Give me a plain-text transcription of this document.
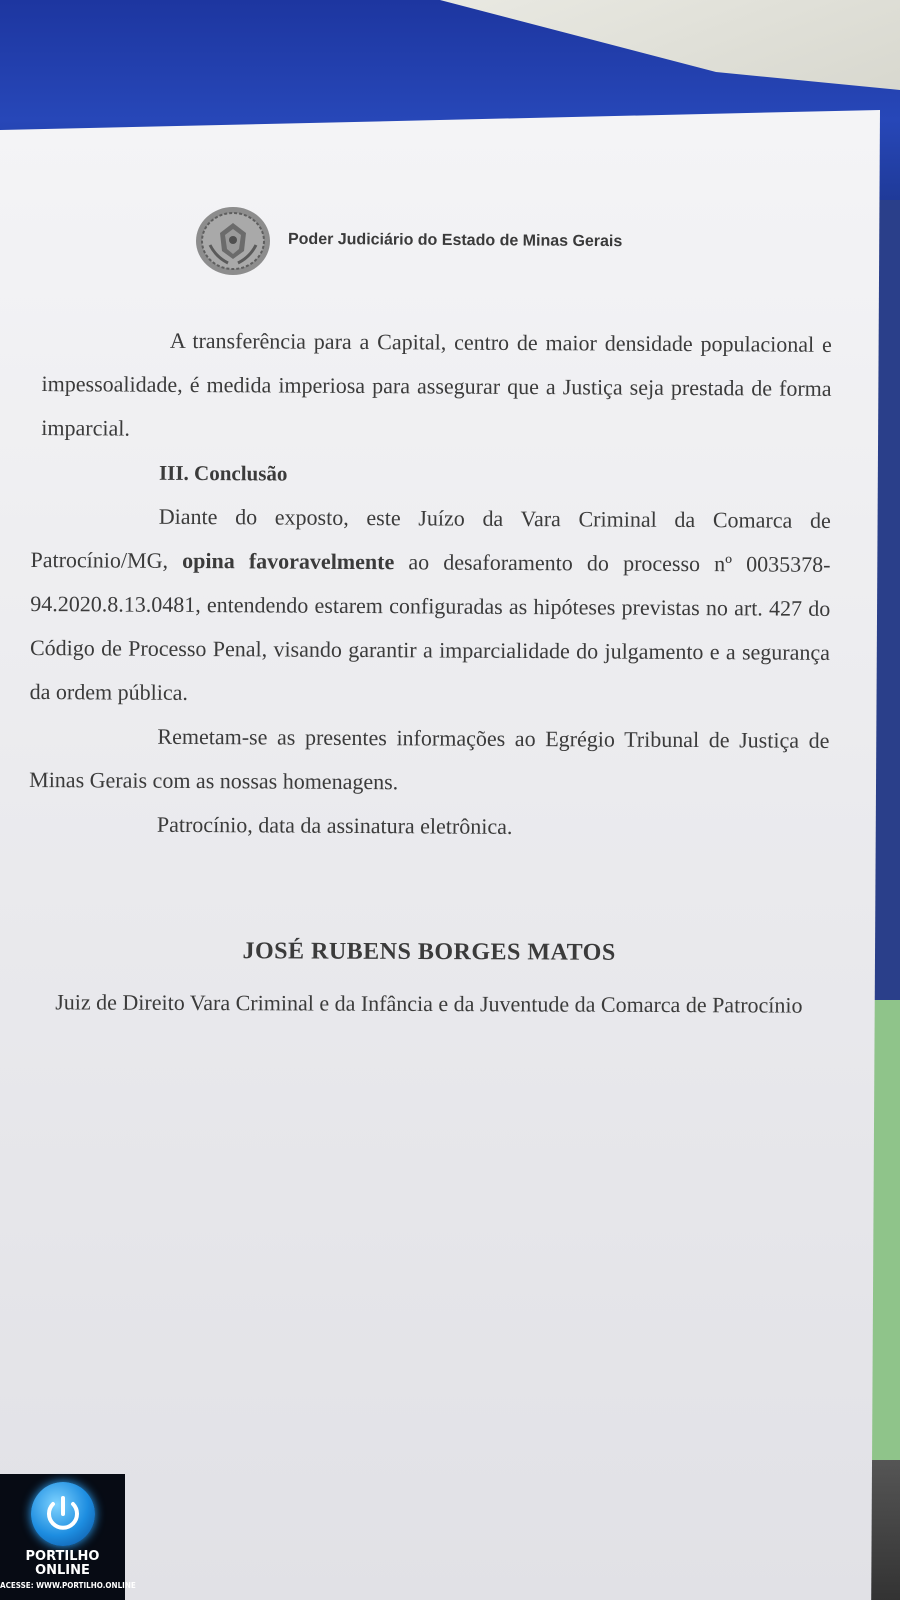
Poder Judiciário do Estado de Minas Gerais

A transferência para a Capital, centro de maior densidade populacional e impessoalidade, é medida imperiosa para assegurar que a Justiça seja prestada de forma imparcial.

III. Conclusão

Diante do exposto, este Juízo da Vara Criminal da Comarca de Patrocínio/MG, opina favoravelmente ao desaforamento do processo nº 0035378-94.2020.8.13.0481, entendendo estarem configuradas as hipóteses previstas no art. 427 do Código de Processo Penal, visando garantir a imparcialidade do julgamento e a segurança da ordem pública.

Remetam-se as presentes informações ao Egrégio Tribunal de Justiça de Minas Gerais com as nossas homenagens.

Patrocínio, data da assinatura eletrônica.

JOSÉ RUBENS BORGES MATOS
Juiz de Direito Vara Criminal e da Infância e da Juventude da Comarca de Patrocínio
PORTILHO
ONLINE
ACESSE: WWW.PORTILHO.ONLINE
